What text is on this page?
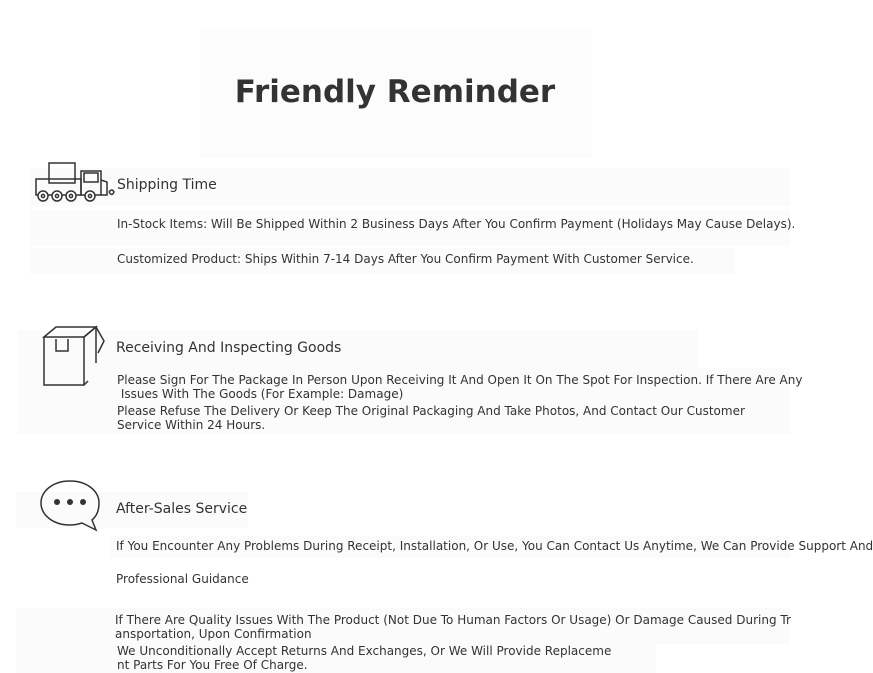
Friendly Reminder
Shipping Time
In-Stock Items: Will Be Shipped Within 2 Business Days After You Confirm Payment (Holidays May Cause Delays).
Customized Product: Ships Within 7-14 Days After You Confirm Payment With Customer Service.
Receiving And Inspecting Goods
Please Sign For The Package In Person Upon Receiving It And Open It On The Spot For Inspection. If There Are Any
Issues With The Goods (For Example: Damage)
Please Refuse The Delivery Or Keep The Original Packaging And Take Photos, And Contact Our Customer
Service Within 24 Hours.
After-Sales Service
If You Encounter Any Problems During Receipt, Installation, Or Use, You Can Contact Us Anytime, We Can Provide Support And
Professional Guidance
If There Are Quality Issues With The Product (Not Due To Human Factors Or Usage) Or Damage Caused During Tr
ansportation, Upon Confirmation
We Unconditionally Accept Returns And Exchanges, Or We Will Provide Replaceme
nt Parts For You Free Of Charge.
